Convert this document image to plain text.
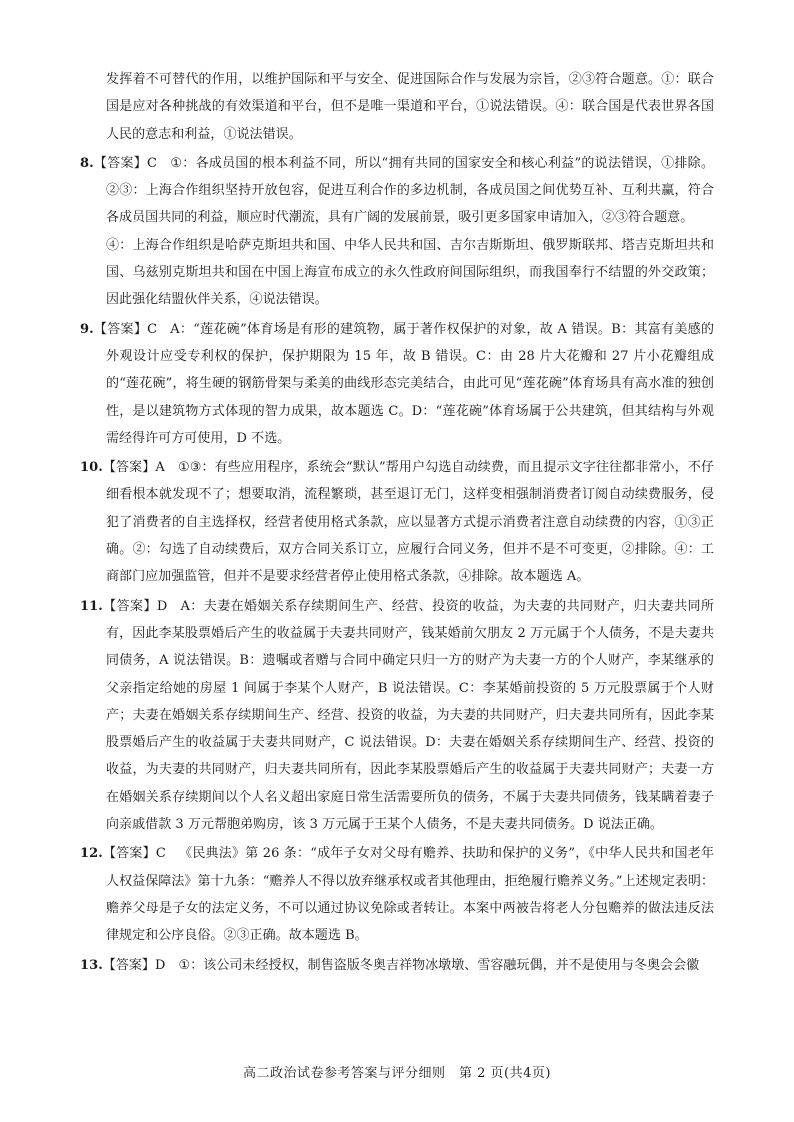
发挥着不可替代的作用，以维护国际和平与安全、促进国际合作与发展为宗旨，②③符合题意。①：联合国是应对各种挑战的有效渠道和平台，但不是唯一渠道和平台，①说法错误。④：联合国是代表世界各国人民的意志和利益，①说法错误。

8.【答案】C  ①：各成员国的根本利益不同，所以“拥有共同的国家安全和核心利益”的说法错误，①排除。②③：上海合作组织坚持开放包容，促进互利合作的多边机制，各成员国之间优势互补、互利共赢，符合各成员国共同的利益，顺应时代潮流，具有广阔的发展前景，吸引更多国家申请加入，②③符合题意。

④：上海合作组织是哈萨克斯坦共和国、中华人民共和国、吉尔吉斯斯坦、俄罗斯联邦、塔吉克斯坦共和国、乌兹别克斯坦共和国在中国上海宣布成立的永久性政府间国际组织，而我国奉行不结盟的外交政策；因此强化结盟伙伴关系，④说法错误。

9.【答案】C  A：“莲花碗”体育场是有形的建筑物，属于著作权保护的对象，故 A 错误。B：其富有美感的外观设计应受专利权的保护，保护期限为 15 年，故 B 错误。C：由 28 片大花瓣和 27 片小花瓣组成的“莲花碗”，将生硬的钢筋骨架与柔美的曲线形态完美结合，由此可见“莲花碗”体育场具有高水准的独创性，是以建筑物方式体现的智力成果，故本题选 C。D：“莲花碗”体育场属于公共建筑，但其结构与外观需经得许可方可使用，D 不选。

10.【答案】A  ①③：有些应用程序，系统会“默认”帮用户勾选自动续费，而且提示文字往往都非常小，不仔细看根本就发现不了；想要取消，流程繁琐，甚至退订无门，这样变相强制消费者订阅自动续费服务，侵犯了消费者的自主选择权，经营者使用格式条款，应以显著方式提示消费者注意自动续费的内容，①③正确。②：勾选了自动续费后，双方合同关系订立，应履行合同义务，但并不是不可变更，②排除。④：工商部门应加强监管，但并不是要求经营者停止使用格式条款，④排除。故本题选 A。

11.【答案】D  A：夫妻在婚姻关系存续期间生产、经营、投资的收益，为夫妻的共同财产，归夫妻共同所有，因此李某股票婚后产生的收益属于夫妻共同财产，钱某婚前欠朋友 2 万元属于个人债务，不是夫妻共同债务，A 说法错误。B：遗嘱或者赠与合同中确定只归一方的财产为夫妻一方的个人财产，李某继承的父亲指定给她的房屋 1 间属于李某个人财产，B 说法错误。C：李某婚前投资的 5 万元股票属于个人财产；夫妻在婚姻关系存续期间生产、经营、投资的收益，为夫妻的共同财产，归夫妻共同所有，因此李某股票婚后产生的收益属于夫妻共同财产，C 说法错误。D：夫妻在婚姻关系存续期间生产、经营、投资的收益，为夫妻的共同财产，归夫妻共同所有，因此李某股票婚后产生的收益属于夫妻共同财产；夫妻一方在婚姻关系存续期间以个人名义超出家庭日常生活需要所负的债务，不属于夫妻共同债务，钱某瞒着妻子向亲戚借款 3 万元帮胞弟购房，该 3 万元属于王某个人债务，不是夫妻共同债务。D 说法正确。

12.【答案】C  《民典法》第 26 条：“成年子女对父母有赡养、扶助和保护的义务”，《中华人民共和国老年人权益保障法》第十九条：“赡养人不得以放弃继承权或者其他理由，拒绝履行赡养义务。”上述规定表明：赡养父母是子女的法定义务，不可以通过协议免除或者转让。本案中两被告将老人分包赡养的做法违反法律规定和公序良俗。②③正确。故本题选 B。

13.【答案】D  ①：该公司未经授权，制售盗版冬奥吉祥物冰墩墩、雪容融玩偶，并不是使用与冬奥会会徽

高二政治试卷参考答案与评分细则　第 2 页(共4页)
